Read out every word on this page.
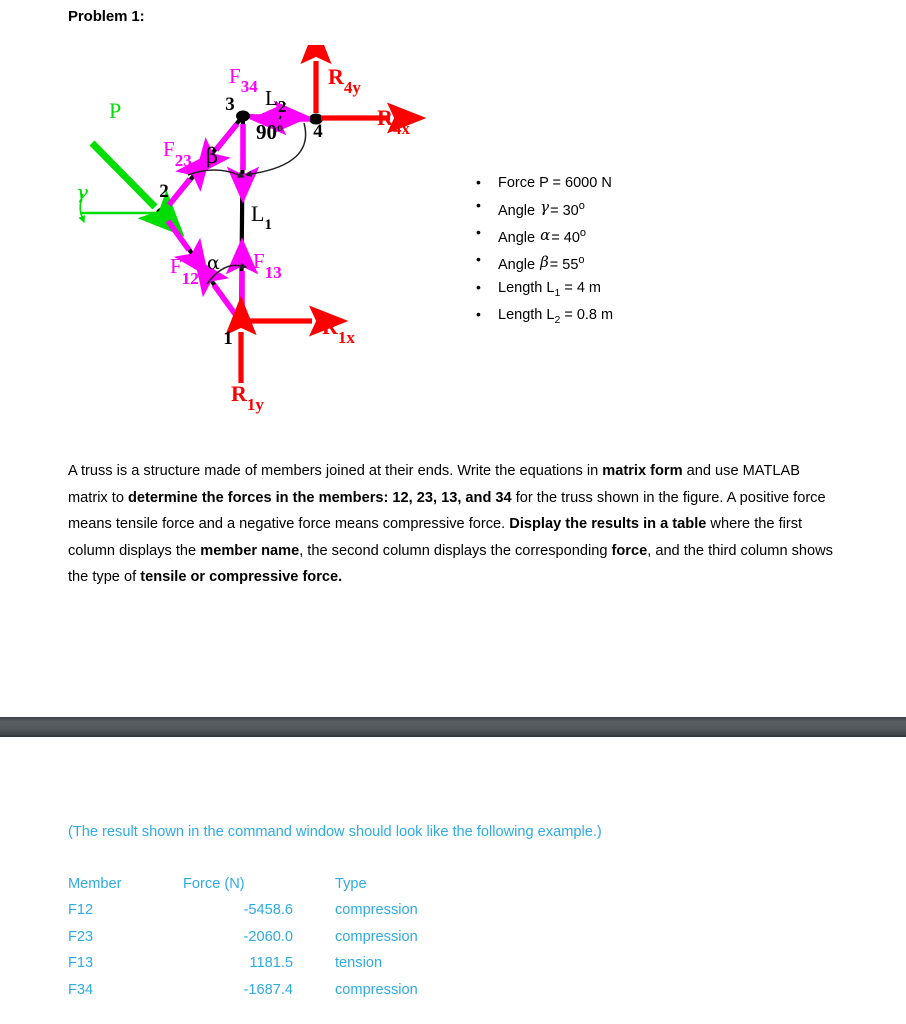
Problem 1:
1
2
3
4
P
γ
α
β
90$^o$
$L_1$
$L_2$
$F_{34}$
$F_{23}$
$F_{12}$
$F_{13}$
$R_{4y}$
$R_{4x}$
$R_{1x}$
$R_{1y}$
• Force P = 6000 N
• Angle $\gamma= 30^o$
• Angle $\alpha= 40^o$
• Angle $\beta= 55^o$
• Length $L_1 = 4$ m
• Length $L_2 = 0.8$ m
A truss is a structure made of members joined at their ends. Write the equations in matrix form and use MATLAB matrix to determine the forces in the members: 12, 23, 13, and 34 for the truss shown in the figure. A positive force means tensile force and a negative force means compressive force. Display the results in a table where the first column displays the member name, the second column displays the corresponding force, and the third column shows the type of tensile or compressive force.
(The result shown in the command window should look like the following example.)
Member	Force (N)	Type
F12	-5458.6	compression
F23	-2060.0	compression
F13	1181.5	tension
F34	-1687.4	compression
